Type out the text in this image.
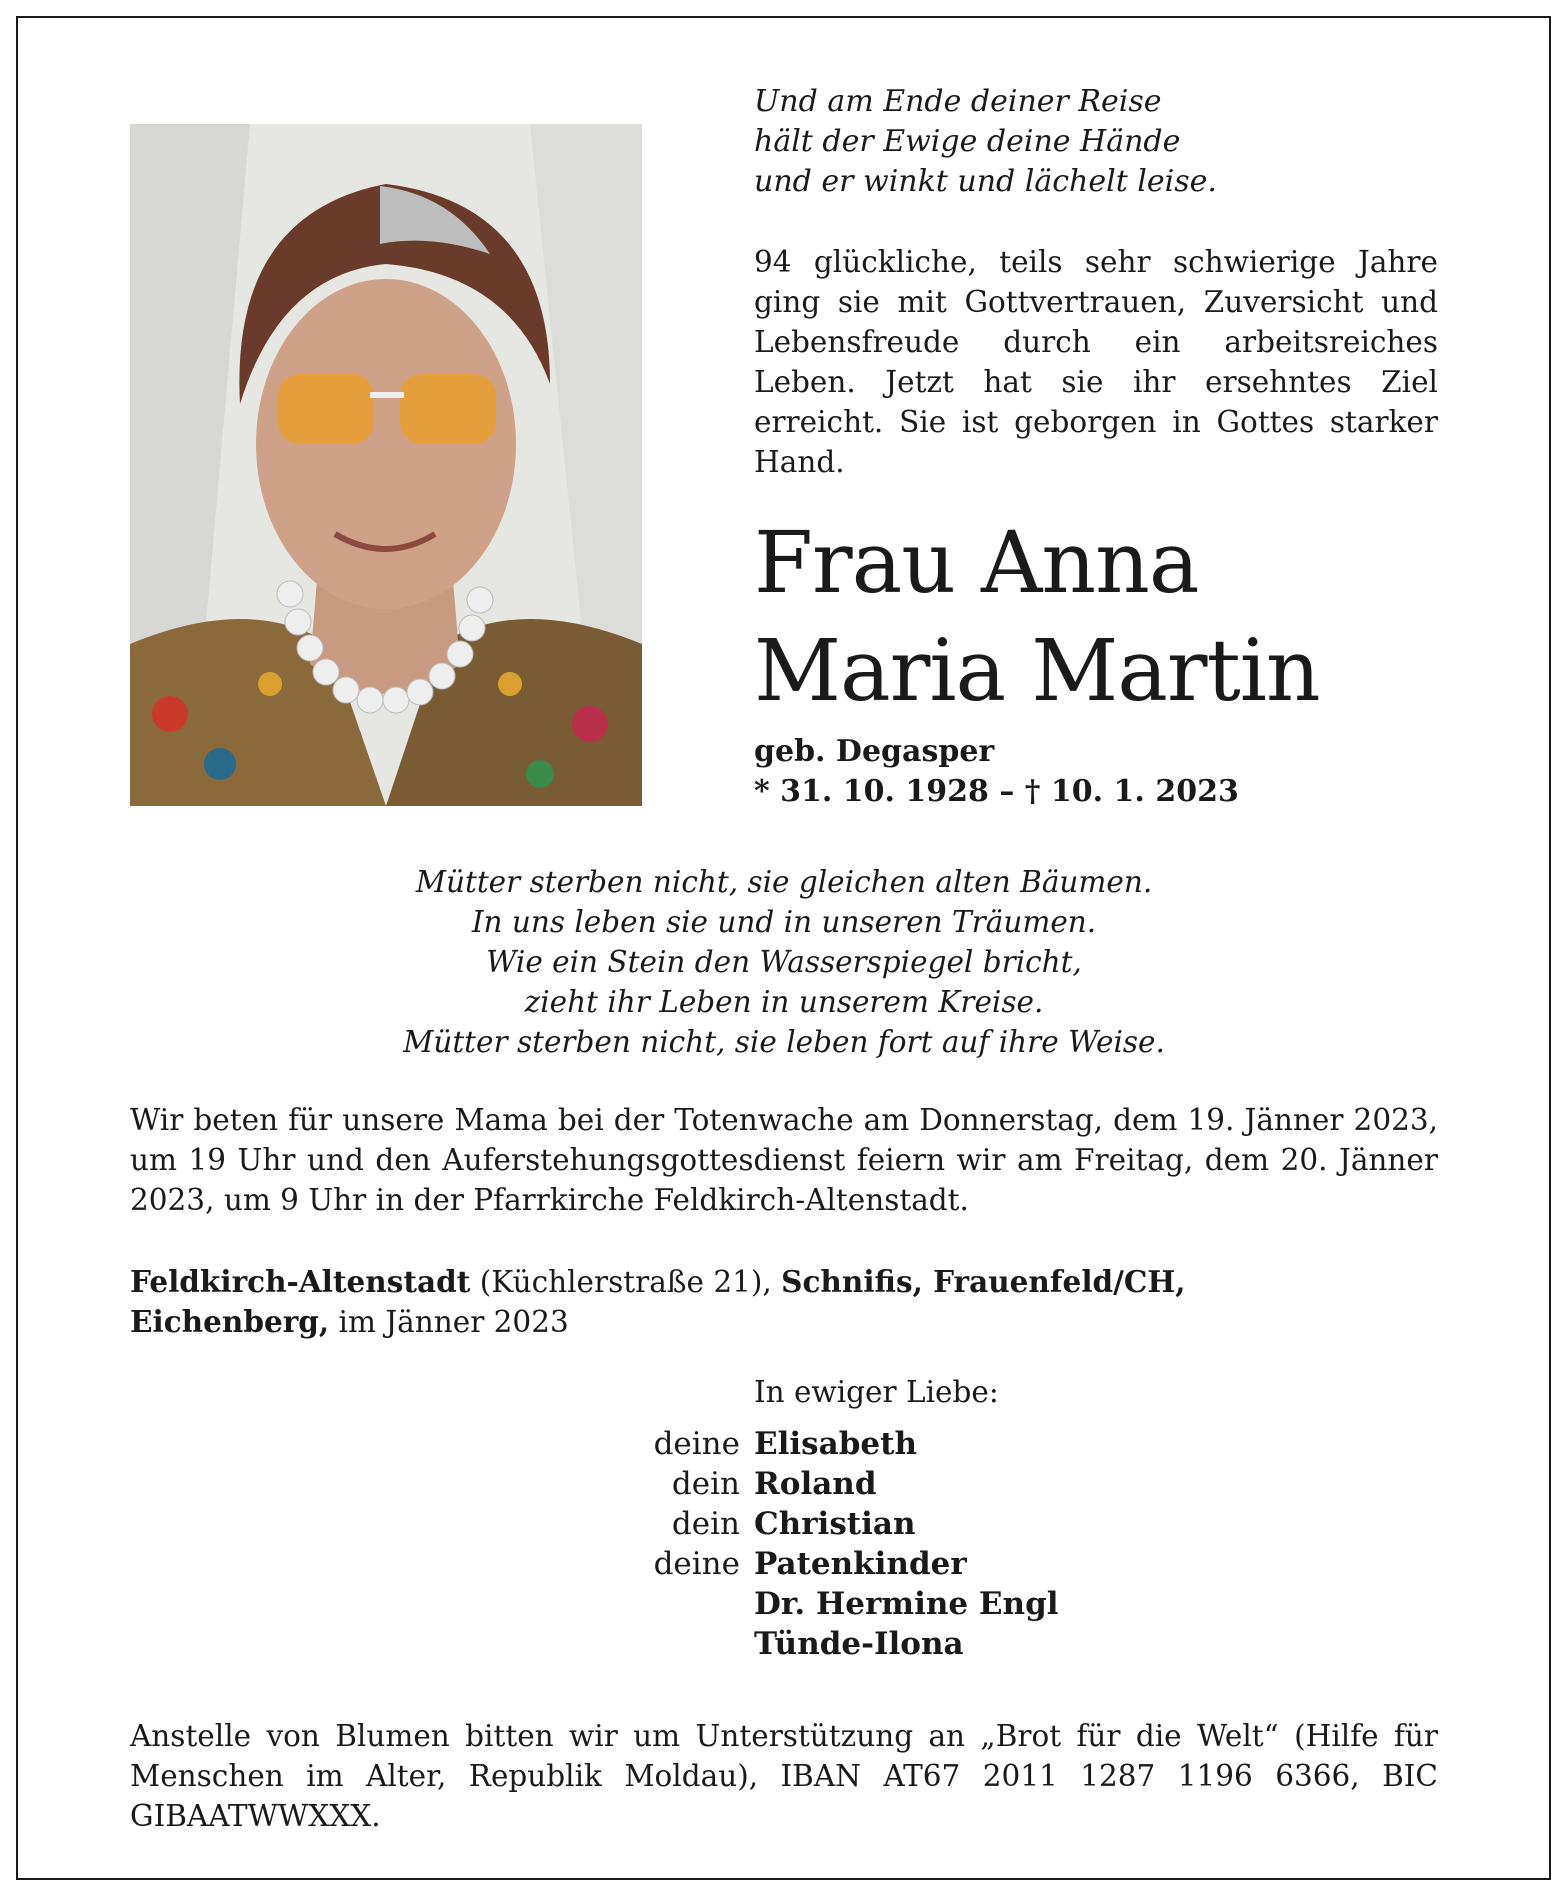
Und am Ende deiner Reise
hält der Ewige deine Hände
und er winkt und lächelt leise.
94 glückliche, teils sehr schwierige Jahre ging sie mit Gottvertrauen, Zuversicht und Lebensfreude durch ein arbeitsreiches Leben. Jetzt hat sie ihr ersehntes Ziel erreicht. Sie ist geborgen in Gottes starker Hand.
Frau Anna
Maria Martin
geb. Degasper
* 31. 10. 1928 – † 10. 1. 2023
Mütter sterben nicht, sie gleichen alten Bäumen.
In uns leben sie und in unseren Träumen.
Wie ein Stein den Wasserspiegel bricht,
zieht ihr Leben in unserem Kreise.
Mütter sterben nicht, sie leben fort auf ihre Weise.
Wir beten für unsere Mama bei der Totenwache am Donnerstag, dem 19. Jänner 2023, um 19 Uhr und den Auferstehungsgottesdienst feiern wir am Freitag, dem 20. Jänner 2023, um 9 Uhr in der Pfarrkirche Feldkirch-Altenstadt.
Feldkirch-Altenstadt (Küchlerstraße 21), Schnifis, Frauenfeld/CH,
Eichenberg, im Jänner 2023
In ewiger Liebe:
deine Elisabeth
dein Roland
dein Christian
deine Patenkinder
Dr. Hermine Engl
Tünde-Ilona
Anstelle von Blumen bitten wir um Unterstützung an „Brot für die Welt“ (Hilfe für Menschen im Alter, Republik Moldau), IBAN AT67 2011 1287 1196 6366, BIC GIBAATWWXXX.
